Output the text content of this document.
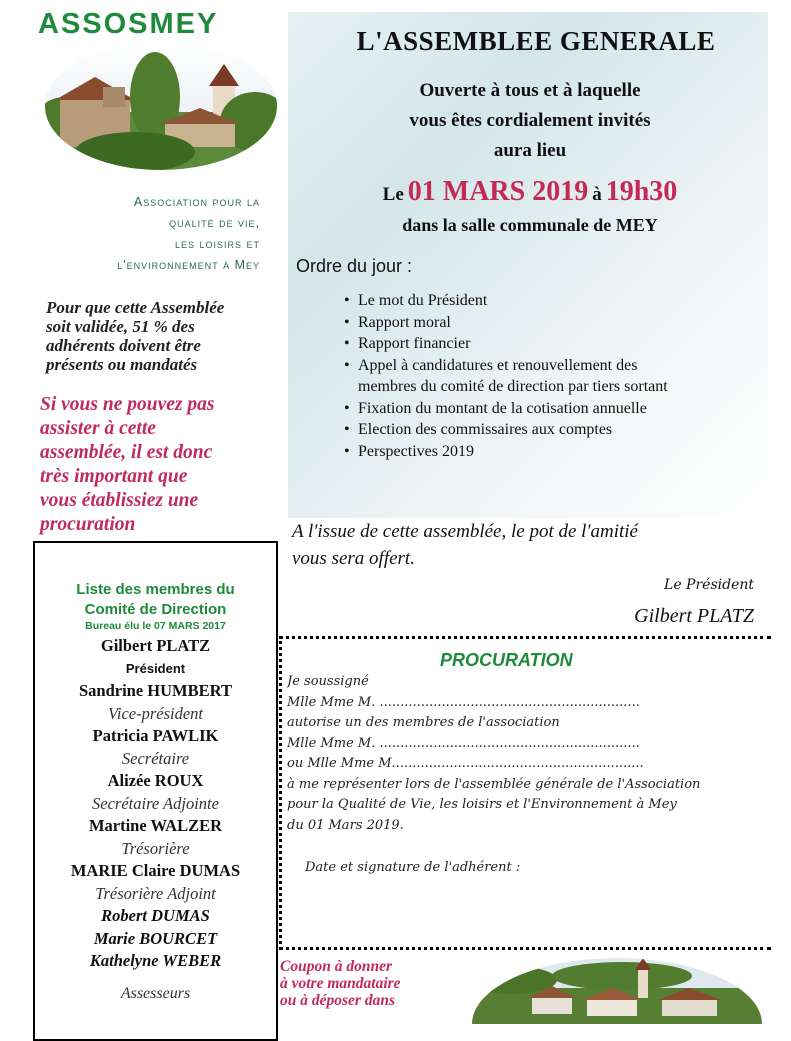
ASSOSMEY
Association pour la
qualité de vie,
les loisirs et
l'environnement à Mey
L'ASSEMBLEE GENERALE
Ouverte à tous et à laquelle
vous êtes cordialement invités
aura lieu
Le 01 MARS 2019 à 19h30
dans la salle communale de MEY
Ordre du jour :
• Le mot du Président
• Rapport moral
• Rapport financier
• Appel à candidatures et renouvellement des membres du comité de direction par tiers sortant
• Fixation du montant de la cotisation annuelle
• Election des commissaires aux comptes
• Perspectives 2019
A l'issue de cette assemblée, le pot de l'amitié
vous sera offert.
Le Président
Gilbert PLATZ
Pour que cette Assemblée
soit validée, 51 % des
adhérents doivent être
présents ou mandatés
Si vous ne pouvez pas
assister à cette
assemblée, il est donc
très important que
vous établissiez une
procuration
Liste des membres du
Comité de Direction
Bureau élu le 07 MARS 2017
Gilbert PLATZ
Président
Sandrine HUMBERT
Vice-président
Patricia PAWLIK
Secrétaire
Alizée ROUX
Secrétaire Adjointe
Martine WALZER
Trésorière
MARIE Claire DUMAS
Trésorière Adjoint
Robert DUMAS
Marie BOURCET
Kathelyne WEBER
Assesseurs
PROCURATION
Je soussigné
Mlle Mme M. ...............................................................
autorise un des membres de l'association
Mlle Mme M. ...............................................................
ou Mlle Mme M.............................................................
à me représenter lors de l'assemblée générale de l'Association
pour la Qualité de Vie, les loisirs et l'Environnement à Mey
du 01 Mars 2019.
Date et signature de l'adhérent :
Coupon à donner
à votre mandataire
ou à déposer dans
